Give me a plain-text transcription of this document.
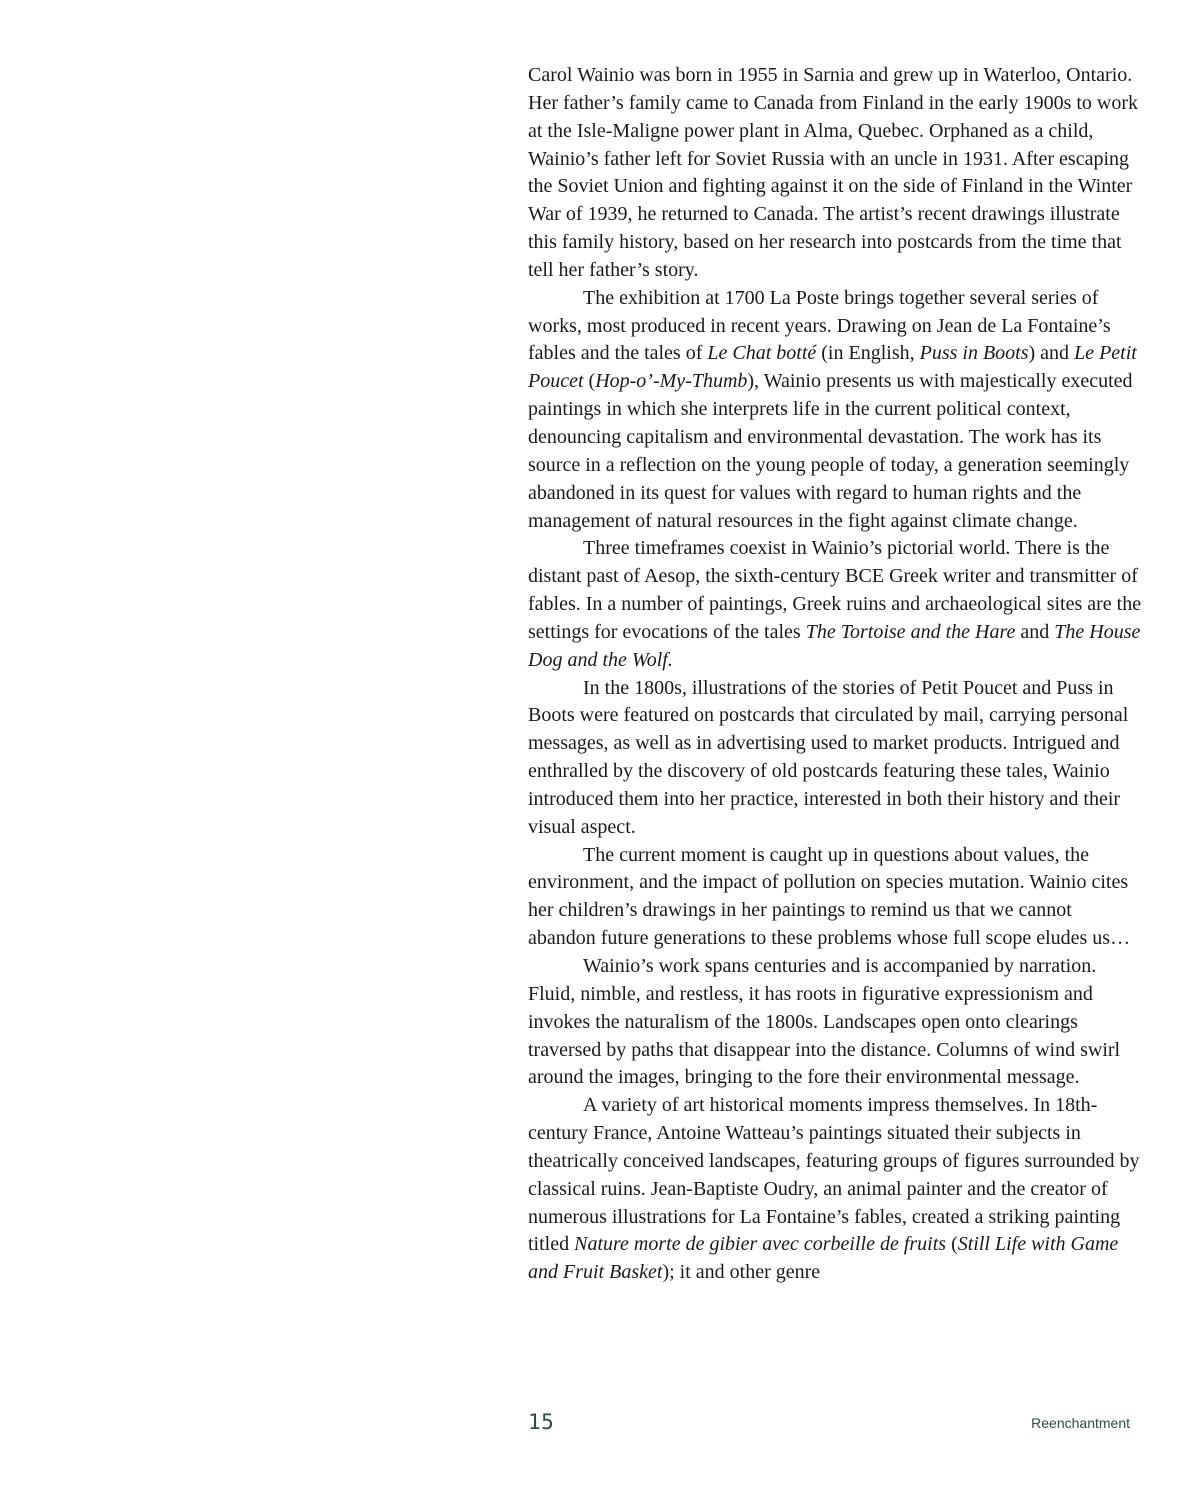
Carol Wainio was born in 1955 in Sarnia and grew up in Waterloo, Ontario. Her father’s family came to Canada from Finland in the early 1900s to work at the Isle-Maligne power plant in Alma, Quebec. Orphaned as a child, Wainio’s father left for Soviet Russia with an uncle in 1931. After escaping the Soviet Union and fighting against it on the side of Finland in the Winter War of 1939, he returned to Canada. The artist’s recent drawings illustrate this family history, based on her research into postcards from the time that tell her father’s story.

The exhibition at 1700 La Poste brings together several series of works, most produced in recent years. Drawing on Jean de La Fontaine’s fables and the tales of Le Chat botté (in English, Puss in Boots) and Le Petit Poucet (Hop-o’-My-Thumb), Wainio presents us with majestically executed paintings in which she interprets life in the current political context, denouncing capitalism and environmental devastation. The work has its source in a reflection on the young people of today, a generation seemingly abandoned in its quest for values with regard to human rights and the management of natural resources in the fight against climate change.

Three timeframes coexist in Wainio’s pictorial world. There is the distant past of Aesop, the sixth-century BCE Greek writer and transmitter of fables. In a number of paintings, Greek ruins and archaeological sites are the settings for evocations of the tales The Tortoise and the Hare and The House Dog and the Wolf.

In the 1800s, illustrations of the stories of Petit Poucet and Puss in Boots were featured on postcards that circulated by mail, carrying personal messages, as well as in advertising used to market products. Intrigued and enthralled by the discovery of old postcards featuring these tales, Wainio introduced them into her practice, interested in both their history and their visual aspect.

The current moment is caught up in questions about values, the environment, and the impact of pollution on species mutation. Wainio cites her children’s drawings in her paintings to remind us that we cannot abandon future generations to these problems whose full scope eludes us…

Wainio’s work spans centuries and is accompanied by narration. Fluid, nimble, and restless, it has roots in figurative expressionism and invokes the naturalism of the 1800s. Landscapes open onto clearings traversed by paths that disappear into the distance. Columns of wind swirl around the images, bringing to the fore their environmental message.

A variety of art historical moments impress themselves. In 18th-century France, Antoine Watteau’s paintings situated their subjects in theatrically conceived landscapes, featuring groups of figures surrounded by classical ruins. Jean-Baptiste Oudry, an animal painter and the creator of numerous illustrations for La Fontaine’s fables, created a striking painting titled Nature morte de gibier avec corbeille de fruits (Still Life with Game and Fruit Basket); it and other genre

15	Reenchantment
